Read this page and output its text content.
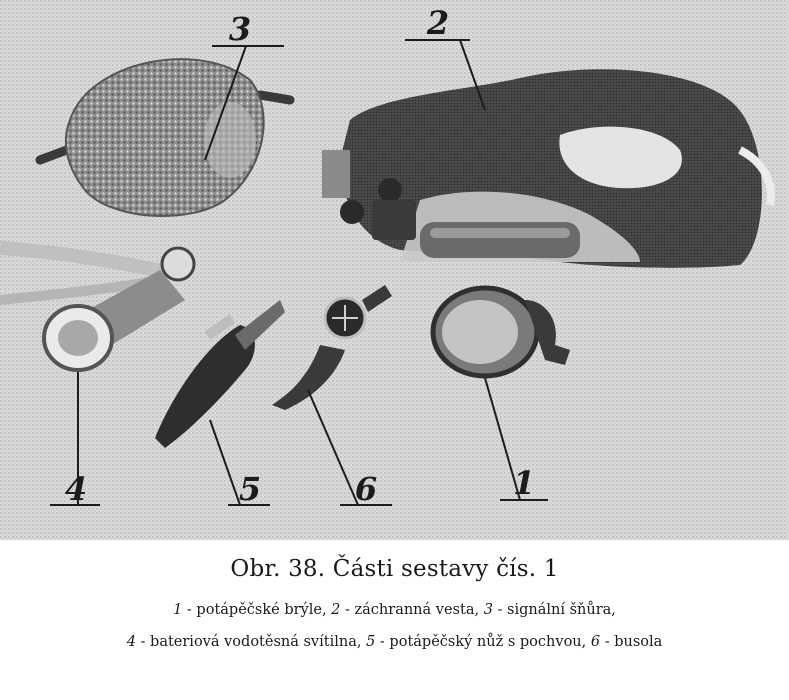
3	2
4	5	6	1
Obr. 38. Části sestavy čís. 1
1 - potápěčské brýle, 2 - záchranná vesta, 3 - signální šňůra,
4 - bateriová vodotěsná svítilna, 5 - potápěčský nůž s pochvou, 6 - busola
